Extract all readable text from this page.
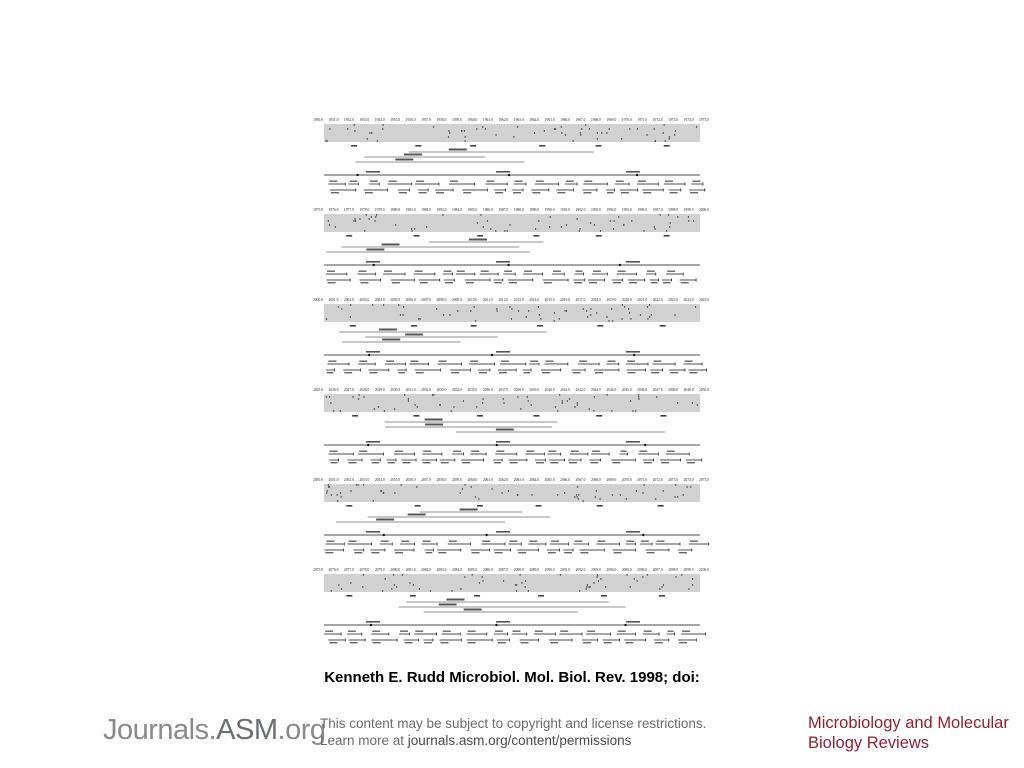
1950.0 1951.0 1952.0 1953.0 1954.0 1955.0 1956.0 1957.0 1958.0 1959.0 1960.0 1961.0 1962.0 1963.0 1964.0 1965.0 1966.0 1967.0 1968.0 1969.0 1970.0 1971.0 1972.0 1973.0 1974.0 1975.0
1975.0 1976.0 1977.0 1978.0 1979.0 1980.0 1981.0 1982.0 1983.0 1984.0 1985.0 1986.0 1987.0 1988.0 1989.0 1990.0 1991.0 1992.0 1993.0 1994.0 1995.0 1996.0 1997.0 1998.0 1999.0 2000.0
2000.0 2001.0 2002.0 2003.0 2004.0 2005.0 2006.0 2007.0 2008.0 2009.0 2010.0 2011.0 2012.0 2013.0 2014.0 2015.0 2016.0 2017.0 2018.0 2019.0 2020.0 2021.0 2022.0 2023.0 2024.0 2025.0
2025.0 2026.0 2027.0 2028.0 2029.0 2030.0 2031.0 2032.0 2033.0 2034.0 2035.0 2036.0 2037.0 2038.0 2039.0 2040.0 2041.0 2042.0 2043.0 2044.0 2045.0 2046.0 2047.0 2048.0 2049.0 2050.0
2050.0 2051.0 2052.0 2053.0 2054.0 2055.0 2056.0 2057.0 2058.0 2059.0 2060.0 2061.0 2062.0 2063.0 2064.0 2065.0 2066.0 2067.0 2068.0 2069.0 2070.0 2071.0 2072.0 2073.0 2074.0 2075.0
2075.0 2076.0 2077.0 2078.0 2079.0 2080.0 2081.0 2082.0 2083.0 2084.0 2085.0 2086.0 2087.0 2088.0 2089.0 2090.0 2091.0 2092.0 2093.0 2094.0 2095.0 2096.0 2097.0 2098.0 2099.0 2100.0
Kenneth E. Rudd Microbiol. Mol. Biol. Rev. 1998; doi:
Journals.ASM.org
This content may be subject to copyright and license restrictions.
Learn more at journals.asm.org/content/permissions
Microbiology and Molecular
Biology Reviews
